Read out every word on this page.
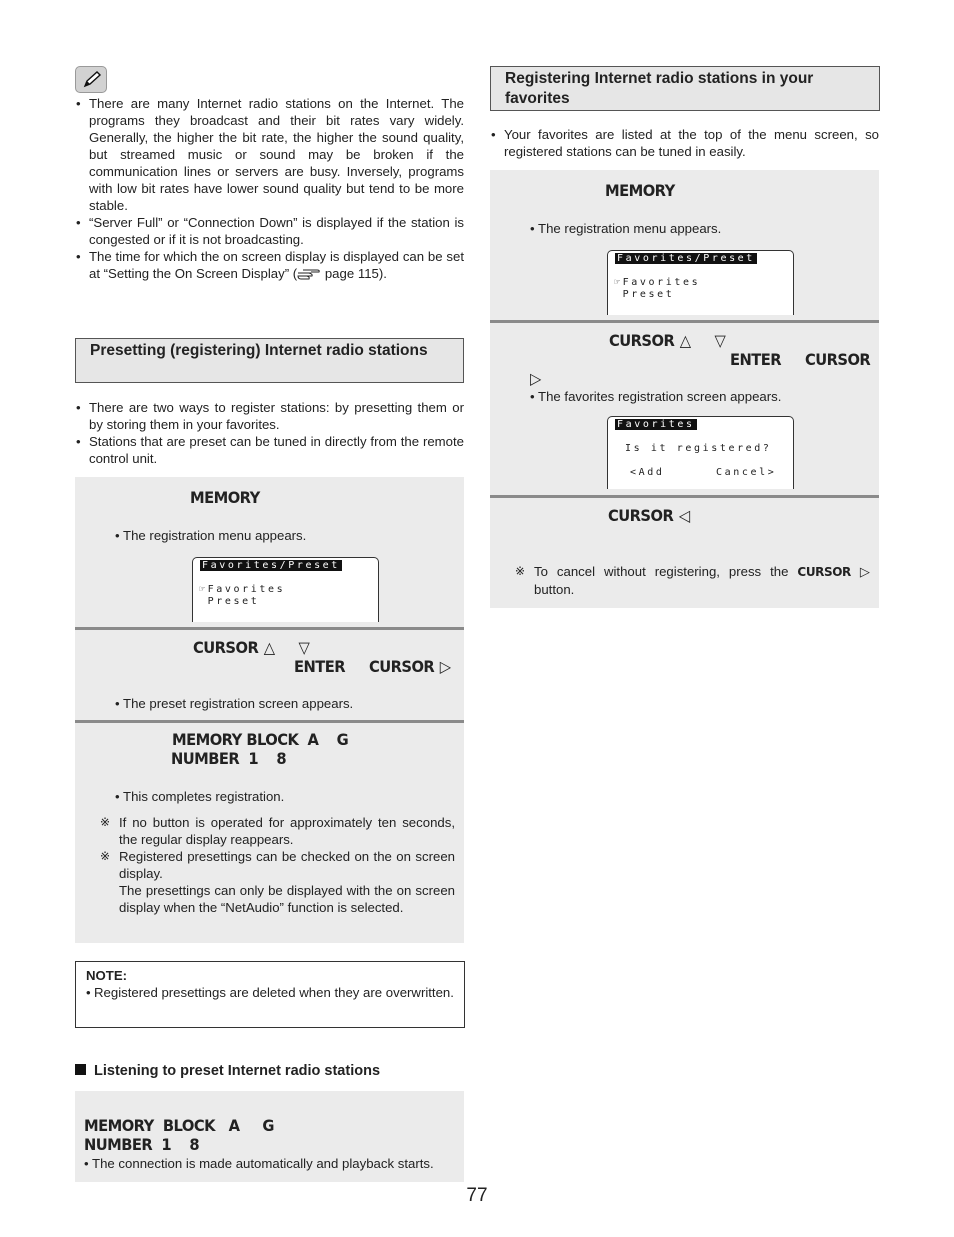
• There are many Internet radio stations on the Internet. The programs they broadcast and their bit rates vary widely. Generally, the higher the bit rate, the higher the sound quality, but streamed music or sound may be broken if the communication lines or servers are busy. Inversely, programs with low bit rates have lower sound quality but tend to be more stable.
• “Server Full” or “Connection Down” is displayed if the station is congested or if it is not broadcasting.
• The time for which the on screen display is displayed can be set at “Setting the On Screen Display” ( page 115).
Presetting (registering) Internet radio stations
• There are two ways to register stations: by presetting them or by storing them in your favorites.
• Stations that are preset can be tuned in directly from the remote control unit.
MEMORY
• The registration menu appears.
Favorites/Preset
☞Favorites
Preset
CURSOR △ ▽
ENTER CURSOR ▷
• The preset registration screen appears.
MEMORY BLOCK  A    G
NUMBER  1    8
• This completes registration.
※ If no button is operated for approximately ten seconds, the regular display reappears.
※ Registered presettings can be checked on the on screen display.
The presettings can only be displayed with the on screen display when the “NetAudio” function is selected.
NOTE:
• Registered presettings are deleted when they are overwritten.
Listening to preset Internet radio stations
MEMORY  BLOCK   A     G
NUMBER  1    8
• The connection is made automatically and playback starts.
77
Registering Internet radio stations in your favorites
• Your favorites are listed at the top of the menu screen, so registered stations can be tuned in easily.
MEMORY
• The registration menu appears.
Favorites/Preset
☞Favorites
Preset
CURSOR △ ▽
ENTER CURSOR
▷
• The favorites registration screen appears.
Favorites
Is it registered?
<Add	Cancel>
CURSOR ◁
※ To cancel without registering, press the CURSOR ▷ button.
